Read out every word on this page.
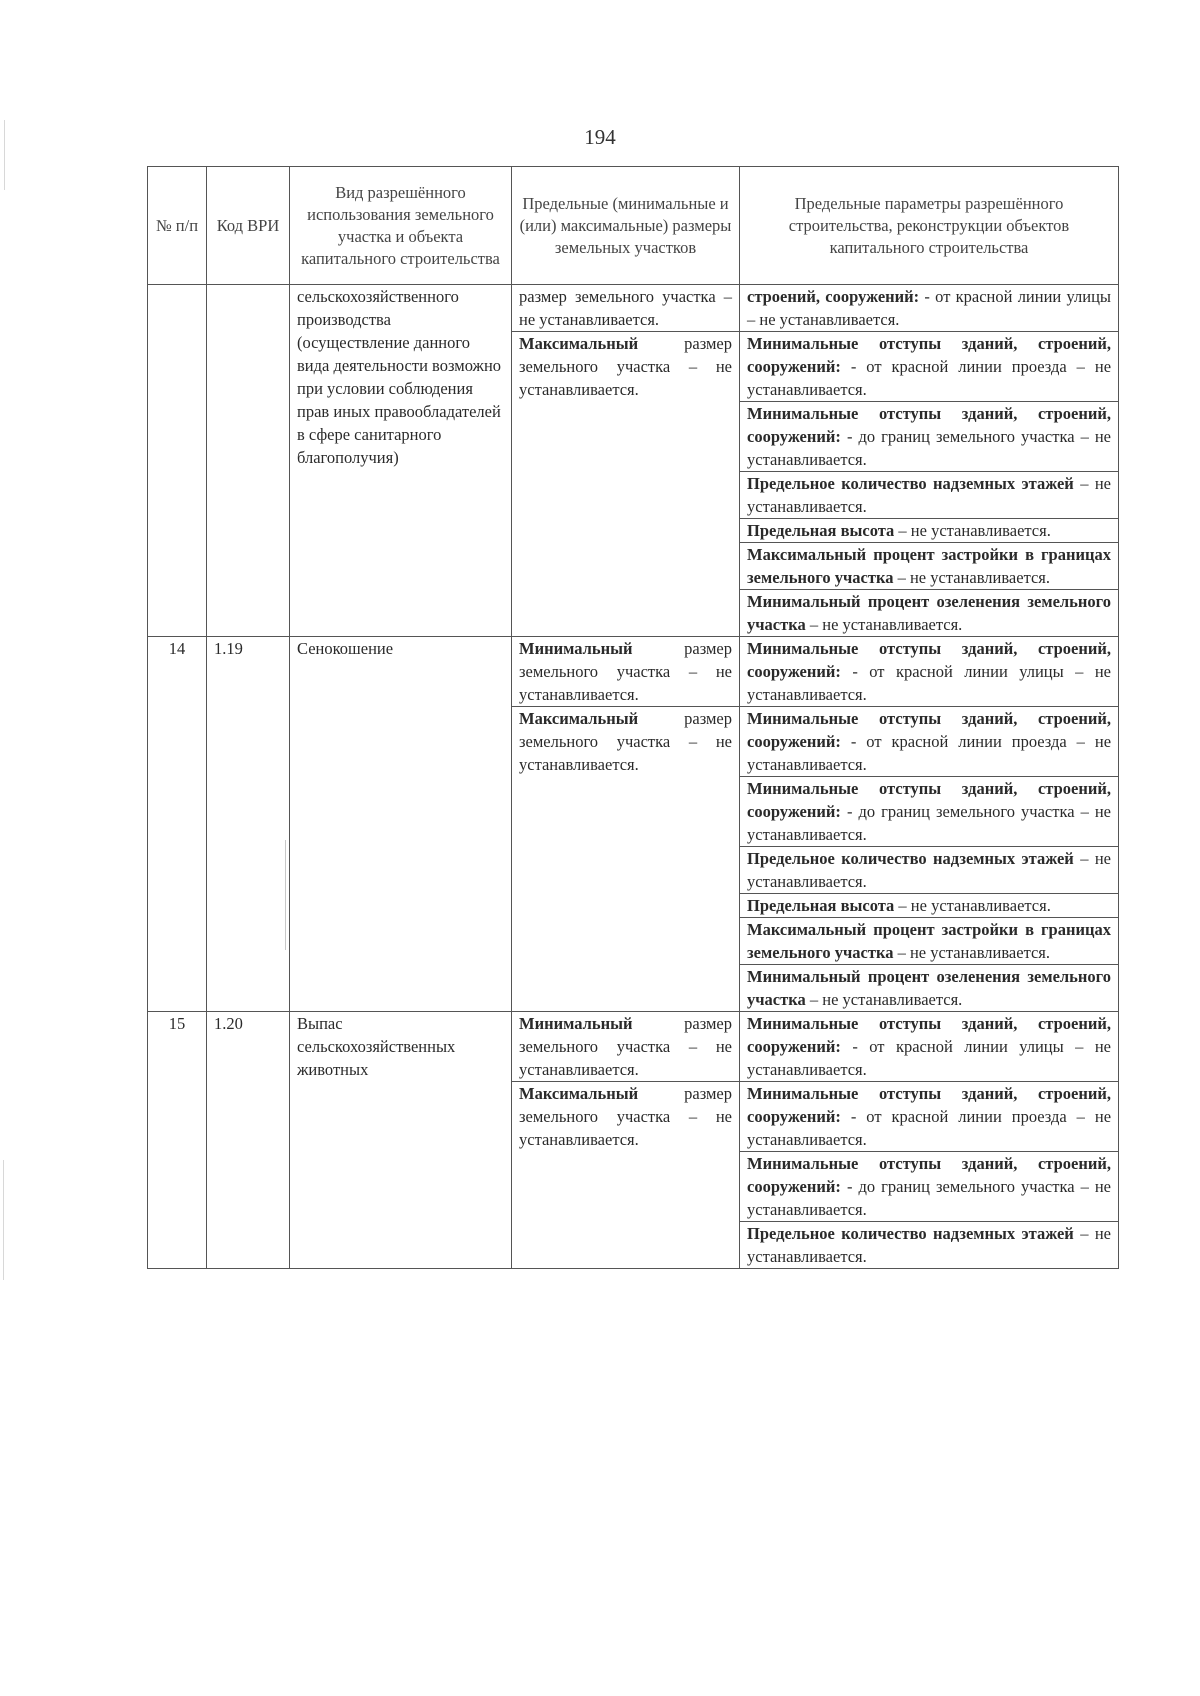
194
№ п/п	Код ВРИ	Вид разрешённого использования земельного участка и объекта капитального строительства	Предельные (минимальные и (или) максимальные) размеры земельных участков	Предельные параметры разрешённого строительства, реконструкции объектов капитального строительства
		сельскохозяйственного производства (осуществление данного вида деятельности возможно при условии соблюдения прав иных правообладателей в сфере санитарного благополучия)	размер земельного участка – не устанавливается.	строений, сооружений: - от красной линии улицы – не устанавливается.
			Максимальный размер земельного участка – не устанавливается.	Минимальные отступы зданий, строений, сооружений: - от красной линии проезда – не устанавливается.
				Минимальные отступы зданий, строений, сооружений: - до границ земельного участка – не устанавливается.
				Предельное количество надземных этажей – не устанавливается.
				Предельная высота – не устанавливается.
				Максимальный процент застройки в границах земельного участка – не устанавливается.
				Минимальный процент озеленения земельного участка – не устанавливается.
14	1.19	Сенокошение	Минимальный размер земельного участка – не устанавливается.	Минимальные отступы зданий, строений, сооружений: - от красной линии улицы – не устанавливается.
			Максимальный размер земельного участка – не устанавливается.	Минимальные отступы зданий, строений, сооружений: - от красной линии проезда – не устанавливается.
				Минимальные отступы зданий, строений, сооружений: - до границ земельного участка – не устанавливается.
				Предельное количество надземных этажей – не устанавливается.
				Предельная высота – не устанавливается.
				Максимальный процент застройки в границах земельного участка – не устанавливается.
				Минимальный процент озеленения земельного участка – не устанавливается.
15	1.20	Выпас сельскохозяйственных животных	Минимальный размер земельного участка – не устанавливается.	Минимальные отступы зданий, строений, сооружений: - от красной линии улицы – не устанавливается.
			Максимальный размер земельного участка – не устанавливается.	Минимальные отступы зданий, строений, сооружений: - от красной линии проезда – не устанавливается.
				Минимальные отступы зданий, строений, сооружений: - до границ земельного участка – не устанавливается.
				Предельное количество надземных этажей – не устанавливается.
